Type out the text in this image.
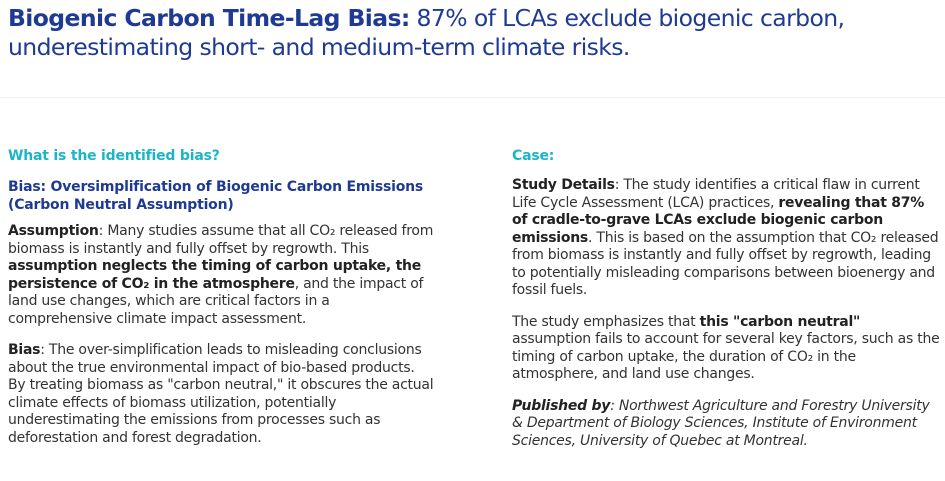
Biogenic Carbon Time-Lag Bias: 87% of LCAs exclude biogenic carbon, underestimating short- and medium-term climate risks.
What is the identified bias?
Bias: Oversimplification of Biogenic Carbon Emissions (Carbon Neutral Assumption)

Assumption: Many studies assume that all CO₂ released from biomass is instantly and fully offset by regrowth. This assumption neglects the timing of carbon uptake, the persistence of CO₂ in the atmosphere, and the impact of land use changes, which are critical factors in a comprehensive climate impact assessment.

Bias: The over-simplification leads to misleading conclusions about the true environmental impact of bio-based products. By treating biomass as "carbon neutral," it obscures the actual climate effects of biomass utilization, potentially underestimating the emissions from processes such as deforestation and forest degradation.

Case:

Study Details: The study identifies a critical flaw in current Life Cycle Assessment (LCA) practices, revealing that 87% of cradle-to-grave LCAs exclude biogenic carbon emissions. This is based on the assumption that CO₂ released from biomass is instantly and fully offset by regrowth, leading to potentially misleading comparisons between bioenergy and fossil fuels.

The study emphasizes that this "carbon neutral" assumption fails to account for several key factors, such as the timing of carbon uptake, the duration of CO₂ in the atmosphere, and land use changes.

Published by: Northwest Agriculture and Forestry University & Department of Biology Sciences, Institute of Environment Sciences, University of Quebec at Montreal.
